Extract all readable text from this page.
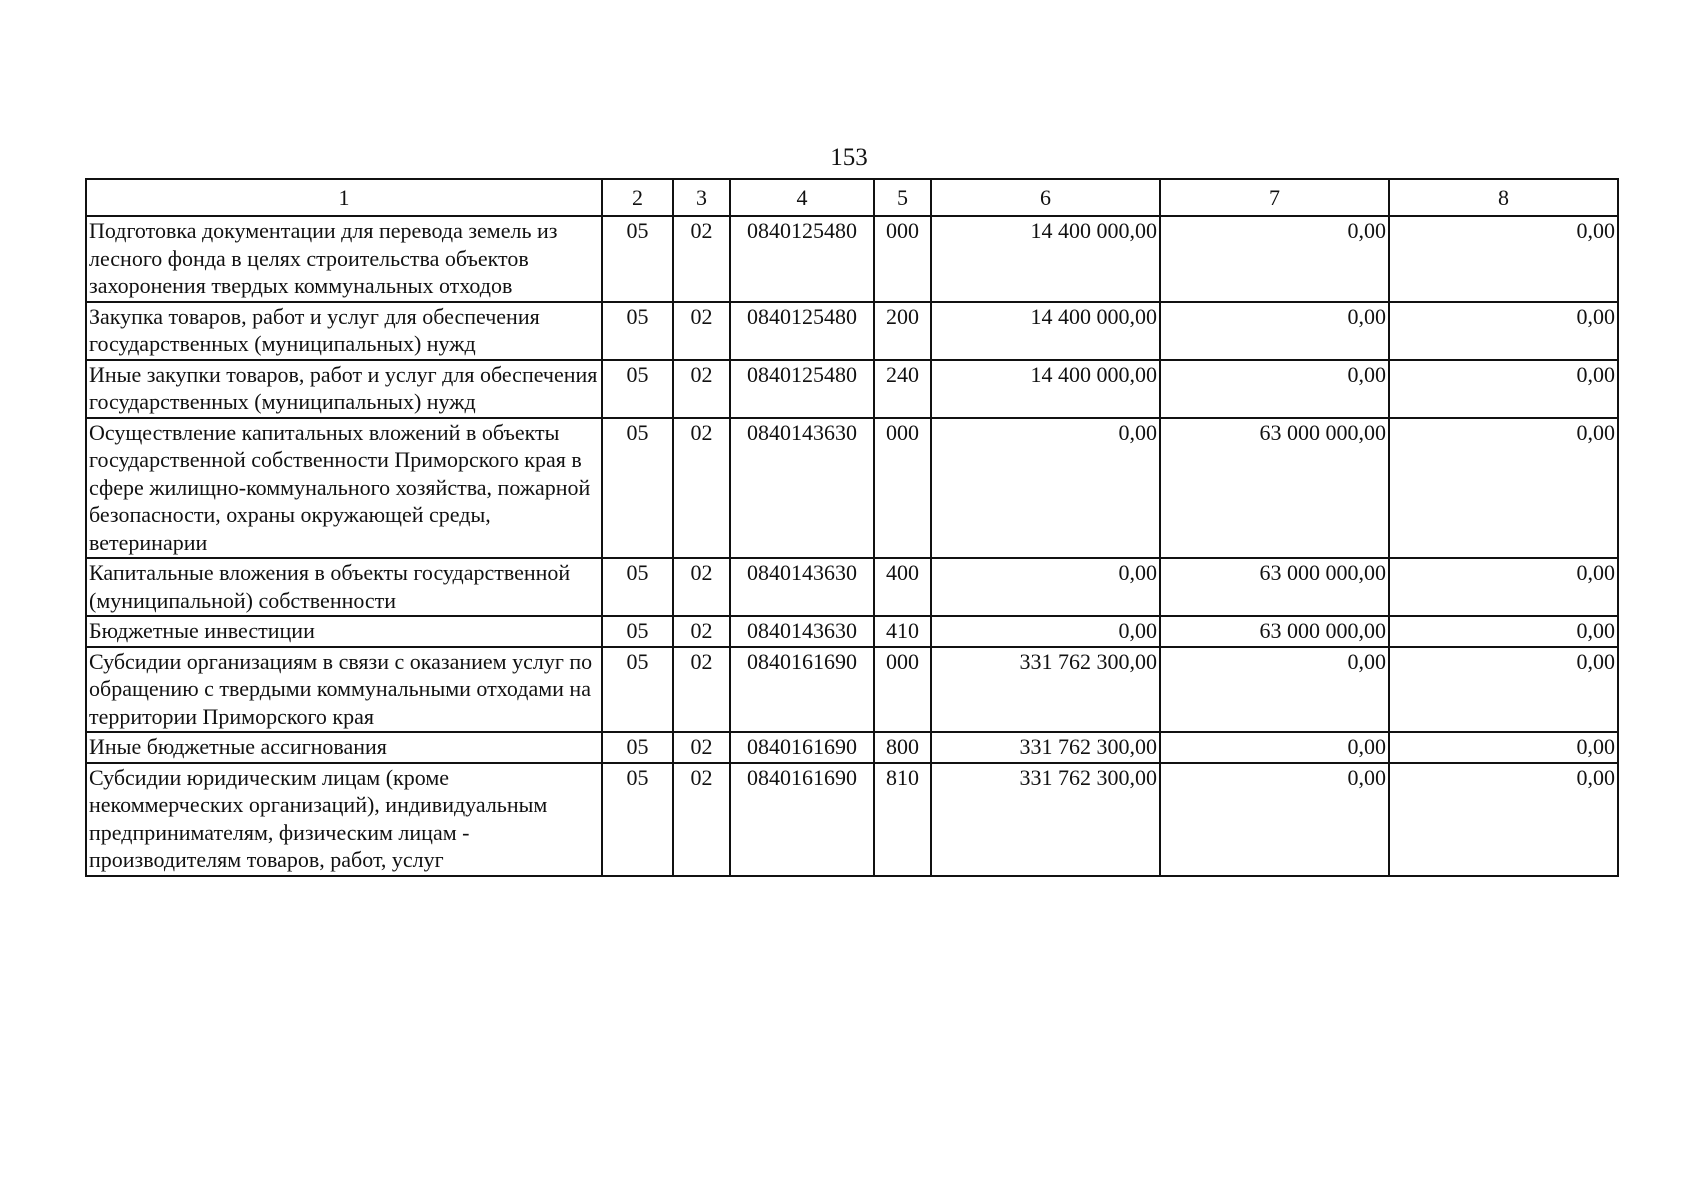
153
1	2	3	4	5	6	7	8
Подготовка документации для перевода земель из лесного фонда в целях строительства объектов захоронения твердых коммунальных отходов	05	02	0840125480	000	14 400 000,00	0,00	0,00
Закупка товаров, работ и услуг для обеспечения государственных (муниципальных) нужд	05	02	0840125480	200	14 400 000,00	0,00	0,00
Иные закупки товаров, работ и услуг для обеспечения государственных (муниципальных) нужд	05	02	0840125480	240	14 400 000,00	0,00	0,00
Осуществление капитальных вложений в объекты государственной собственности Приморского края в сфере жилищно-коммунального хозяйства, пожарной безопасности, охраны окружающей среды, ветеринарии	05	02	0840143630	000	0,00	63 000 000,00	0,00
Капитальные вложения в объекты государственной (муниципальной) собственности	05	02	0840143630	400	0,00	63 000 000,00	0,00
Бюджетные инвестиции	05	02	0840143630	410	0,00	63 000 000,00	0,00
Субсидии организациям в связи с оказанием услуг по обращению с твердыми коммунальными отходами на территории Приморского края	05	02	0840161690	000	331 762 300,00	0,00	0,00
Иные бюджетные ассигнования	05	02	0840161690	800	331 762 300,00	0,00	0,00
Субсидии юридическим лицам (кроме некоммерческих организаций), индивидуальным предпринимателям, физическим лицам - производителям товаров, работ, услуг	05	02	0840161690	810	331 762 300,00	0,00	0,00
